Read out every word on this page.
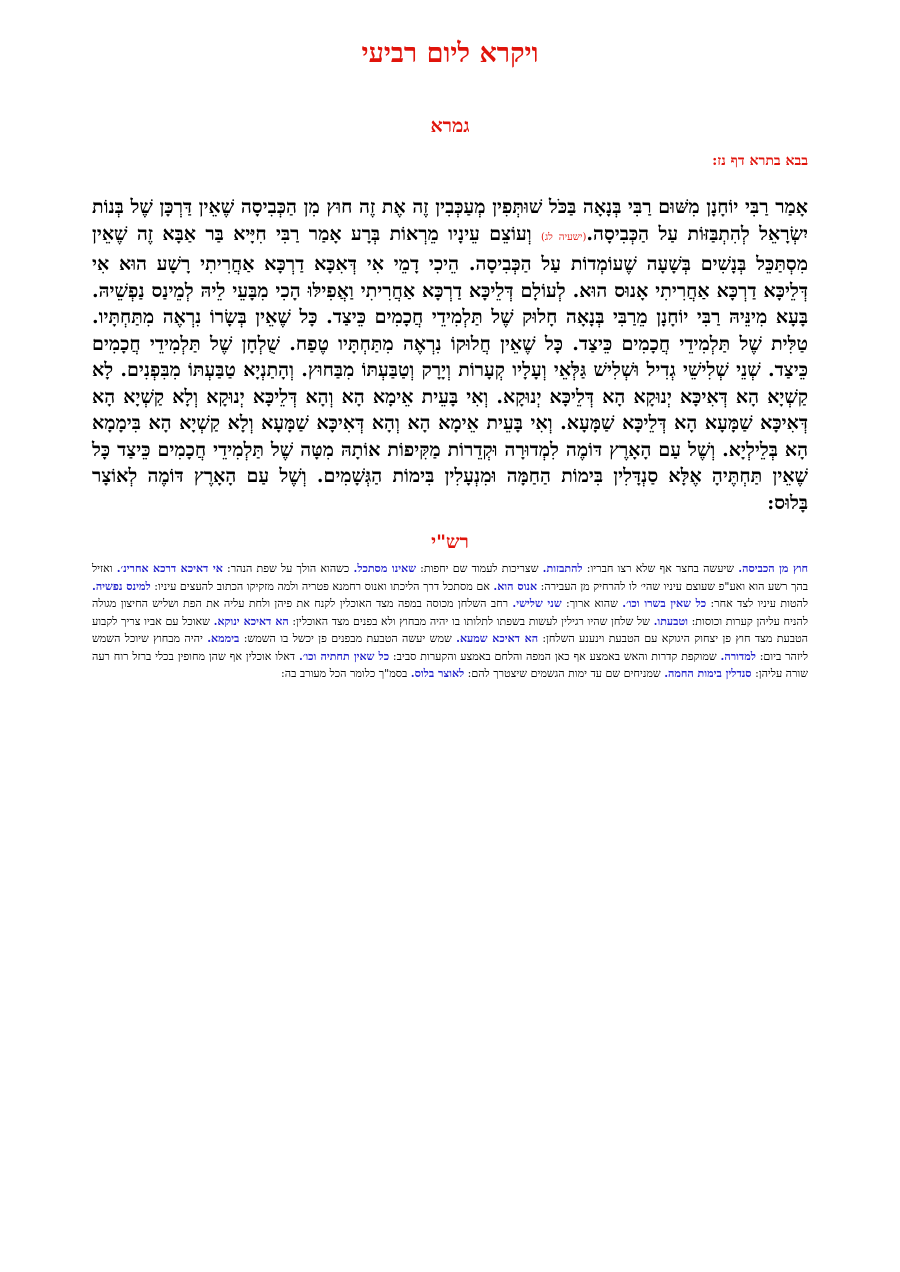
ויקרא ליום רביעי
גמרא
בבא בתרא דף נז:

אָמַר רַבִּי יוֹחָנָן מִשּׁוּם רַבִּי בְּנָאָה בַּכֹּל שׁוּתְּפִין מְעַכְּבִין זֶה אֶת זֶה חוּץ מִן הַכְּבִיסָה שֶׁאֵין דַּרְכָּן שֶׁל בְּנוֹת יִשְׂרָאֵל לְהִתְבַּזּוֹת עַל הַכְּבִיסָה.(ישעיה לג) וְעוֹצֵם עֵינָיו מֵרְאוֹת בְּרָע אָמַר רַבִּי חִיָּיא בַּר אַבָּא זֶה שֶׁאֵין מִסְתַּכֵּל בְּנָשִׁים בְּשָׁעָה שֶׁעוֹמְדוֹת עַל הַכְּבִיסָה. הֵיכִי דָמֵי אִי דְּאִכָּא דַרְכָּא אַחֲרִיתִי רָשָׁע הוּא אִי דְּלֵיכָּא דַרְכָּא אַחֲרִיתִי אָנוּס הוּא. לְעוֹלָם דְּלֵיכָּא דַרְכָּא אַחֲרִיתִי וַאֲפִילּוּ הָכִי מִבָּעֵי לֵיהּ לְמֵינַס נַפְשֵׁיהּ. בָּעָא מִינֵּיהּ רַבִּי יוֹחָנָן מֵרַבִּי בְּנָאָה חָלוּק שֶׁל תַּלְמִידֵי חֲכָמִים כֵּיצַד. כָּל שֶׁאֵין בְּשָׂרוֹ נִרְאֶה מִתַּחְתָּיו. טַלִּית שֶׁל תַּלְמִידֵי חֲכָמִים כֵּיצַד. כָּל שֶׁאֵין חֲלוּקוֹ נִרְאֶה מִתַּחְתָּיו טֶפַח. שֻׁלְחָן שֶׁל תַּלְמִידֵי חֲכָמִים כֵּיצַד. שְׁנֵי שְׁלִישֵׁי גְדִיל וּשְׁלִישׁ גַּלְּאֵי וְעָלָיו קְעָרוֹת וְיָרָק וְטַבַּעְתּוֹ מִבַּחוּץ. וְהָתַנְיָא טַבַּעְתּוֹ מִבִּפְנִים. לָא קַשְׁיָא הָא דְּאִיכָּא יְנוּקָא הָא דְּלֵיכָּא יְנוּקָא. וְאִי בָּעֵית אֵימָא הָא וְהָא דְּלֵיכָּא יְנוּקָא וְלָא קַשְׁיָא הָא דְּאִיכָּא שַׁמָּעָא הָא דְּלֵיכָּא שַׁמָּעָא. וְאִי בָּעֵית אֵימָא הָא וְהָא דְּאִיכָּא שַׁמָּעָא וְלָא קַשְׁיָא הָא בִּימָמָא הָא בְּלֵילְיָא. וְשֶׁל עַם הָאָרֶץ דּוֹמֶה לִמְדוּרָה וּקְדֵרוֹת מַקִּיפוֹת אוֹתָהּ מִטָּה שֶׁל תַּלְמִידֵי חֲכָמִים כֵּיצַד כָּל שֶׁאֵין תַּחְתֶּיהָ אֶלָּא סַנְדָּלִין בִּימוֹת הַחַמָּה וּמִנְעָלִין בִּימוֹת הַגְּשָׁמִים. וְשֶׁל עַם הָאָרֶץ דּוֹמֶה לְאוֹצָר בָּלוּס:

רש"י

חוץ מן הכביסה. שיעשה בחצר אף שלא רצו חבריו: להתבזות. שצריכות לעמוד שם יחפות: שאינו מסתכל. כשהוא הולך על שפת הנהר: אי דאיכא דרכא אחרינ׳. ואזיל בהך רשע הוא ואע"פ שעוצם עיניו שהי׳ לו להרחיק מן העבירה: אנוס הוא. אם מסתכל דרך הליכתו ואנוס רחמנא פטריה ולמה מזקיקו הכתוב להעצים עיניו: למינס נפשיה. להטות עיניו לצד אחר: כל שאין בשרו וכו׳. שהוא ארוך: שני שלישי. רחב השלחן מכוסה במפה מצד האוכלין לקנח את פיהן ולחת עליה את הפת ושליש החיצון מגולה להניח עליהן קערות וכוסות: וטבעתו. של שלחן שהיו רגילין לעשות בשפתו לתלותו בו יהיה מבחוץ ולא בפנים מצד האוכלין: הא דאיכא ינוקא. שאוכל עם אביו צריך לקבוע הטבעת מצד חוץ פן יצחוק היגוקא עם הטבעת וינענע השלחן: הא דאיכא שמעא. שמש יעשה הטבעת מבפנים פן יכשל בו השמש: ביממא. יהיה מבחוץ שיוכל השמש ליזהר ביום: למדורה. שמוקפת קדרות והאש באמצע אף כאן המפה והלחם באמצע והקערות סביב: כל שאין תחתיה וכו׳. דאלו אוכלין אף שהן מחופין בכלי ברזל רוח רעה שורה עליהן: סנדלין בימות החמה. שמניחים שם עד ימות הגשמים שיצטרך להם: לאוצר בלוס. בסמ"ך כלומר הכל מעורב בה:
